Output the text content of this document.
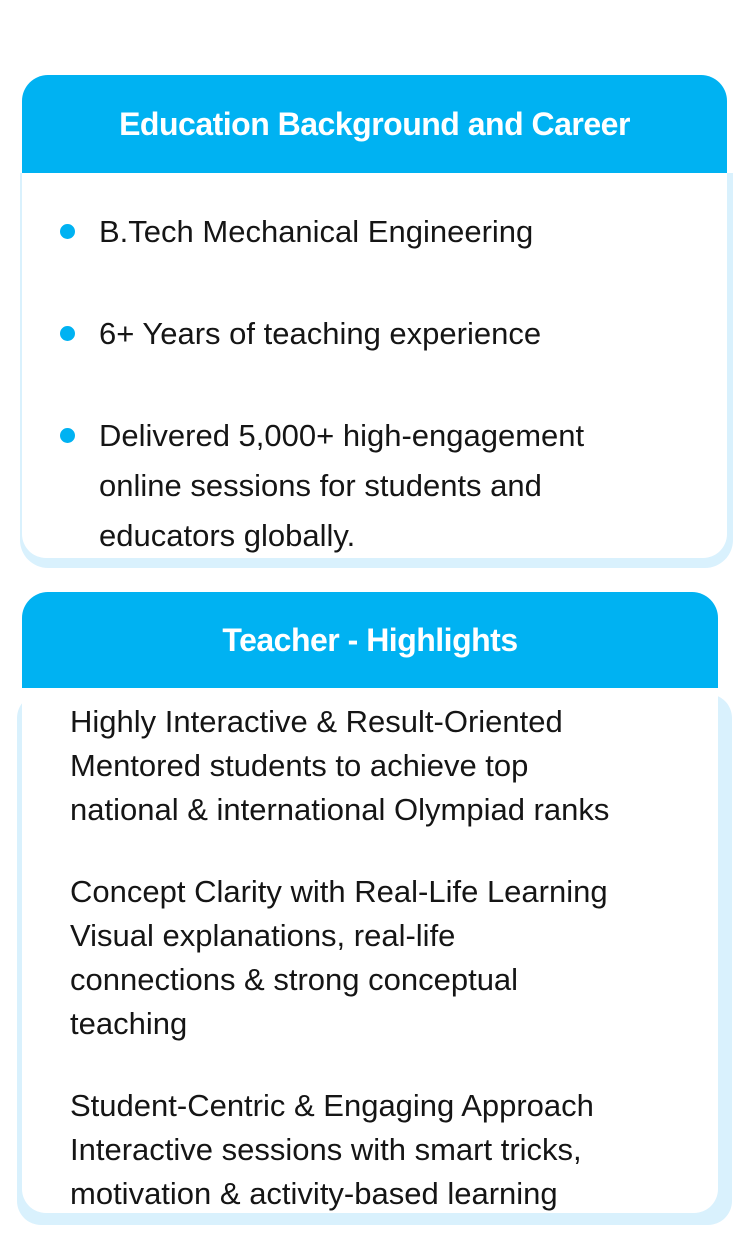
Education Background and Career
B.Tech Mechanical Engineering
6+ Years of teaching experience
Delivered 5,000+ high-engagement
online sessions for students and
educators globally.
Teacher - Highlights
Highly Interactive & Result-Oriented
Mentored students to achieve top
national & international Olympiad ranks
Concept Clarity with Real-Life Learning
Visual explanations, real-life
connections & strong conceptual
teaching
Student-Centric & Engaging Approach
Interactive sessions with smart tricks,
motivation & activity-based learning
